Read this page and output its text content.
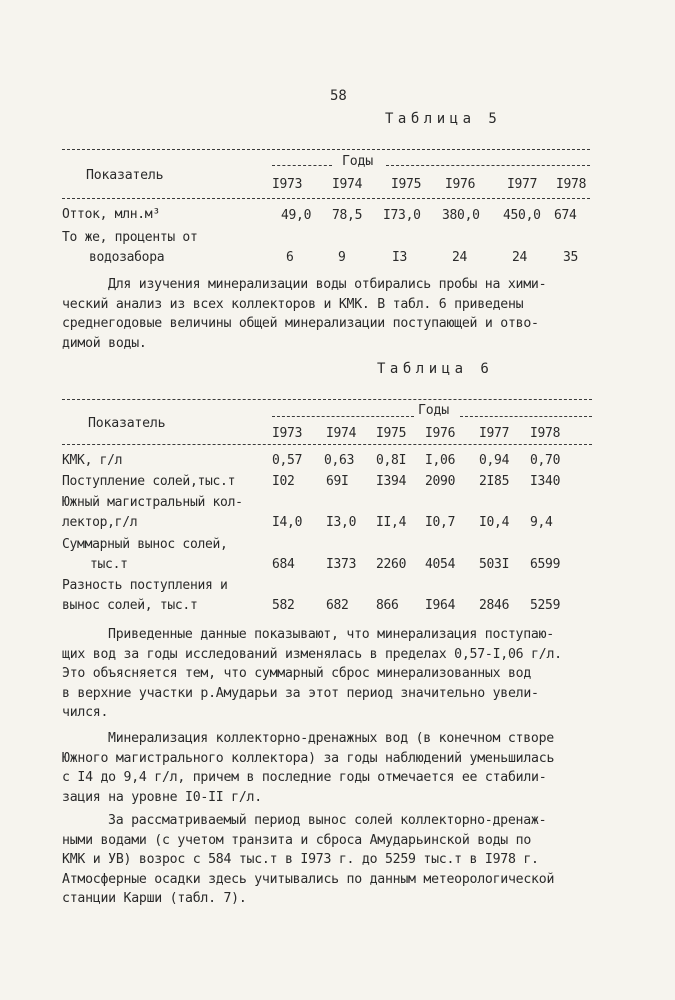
58
Таблица 5
Показатель
Годы
I973 I974 I975 I976 I977 I978
Отток, млн.м³	49,0 78,5 I73,0 380,0 450,0 674
То же, проценты от
водозабора	6	9	I3	24	24	35
Для изучения минерализации воды отбирались пробы на хими-
ческий анализ из всех коллекторов и КМК. В табл. 6 приведены
среднегодовые величины общей минерализации поступающей и отво-
димой воды.
Таблица 6
Показатель
Годы
I973 I974 I975 I976 I977 I978
КМК, г/л	0,57 0,63 0,8I I,06 0,94 0,70
Поступление солей,тыс.т	I02 69I I394 2090 2I85 I340
Южный магистральный кол-
лектор,г/л	I4,0 I3,0 II,4 I0,7 I0,4 9,4
Суммарный вынос солей,
тыс.т	684 I373 2260 4054 503I 6599
Разность поступления и
вынос солей, тыс.т	582 682 866 I964 2846 5259
Приведенные данные показывают, что минерализация поступаю-
щих вод за годы исследований изменялась в пределах 0,57-I,06 г/л.
Это объясняется тем, что суммарный сброс минерализованных вод
в верхние участки р.Амударьи за этот период значительно увели-
чился.
Минерализация коллекторно-дренажных вод (в конечном створе
Южного магистрального коллектора) за годы наблюдений уменьшилась
с I4 до 9,4 г/л, причем в последние годы отмечается ее стабили-
зация на уровне I0-II г/л.
За рассматриваемый период вынос солей коллекторно-дренаж-
ными водами (с учетом транзита и сброса Амударьинской воды по
КМК и УВ) возрос с 584 тыс.т в I973 г. до 5259 тыс.т в I978 г.
Атмосферные осадки здесь учитывались по данным метеорологической
станции Карши (табл. 7).
